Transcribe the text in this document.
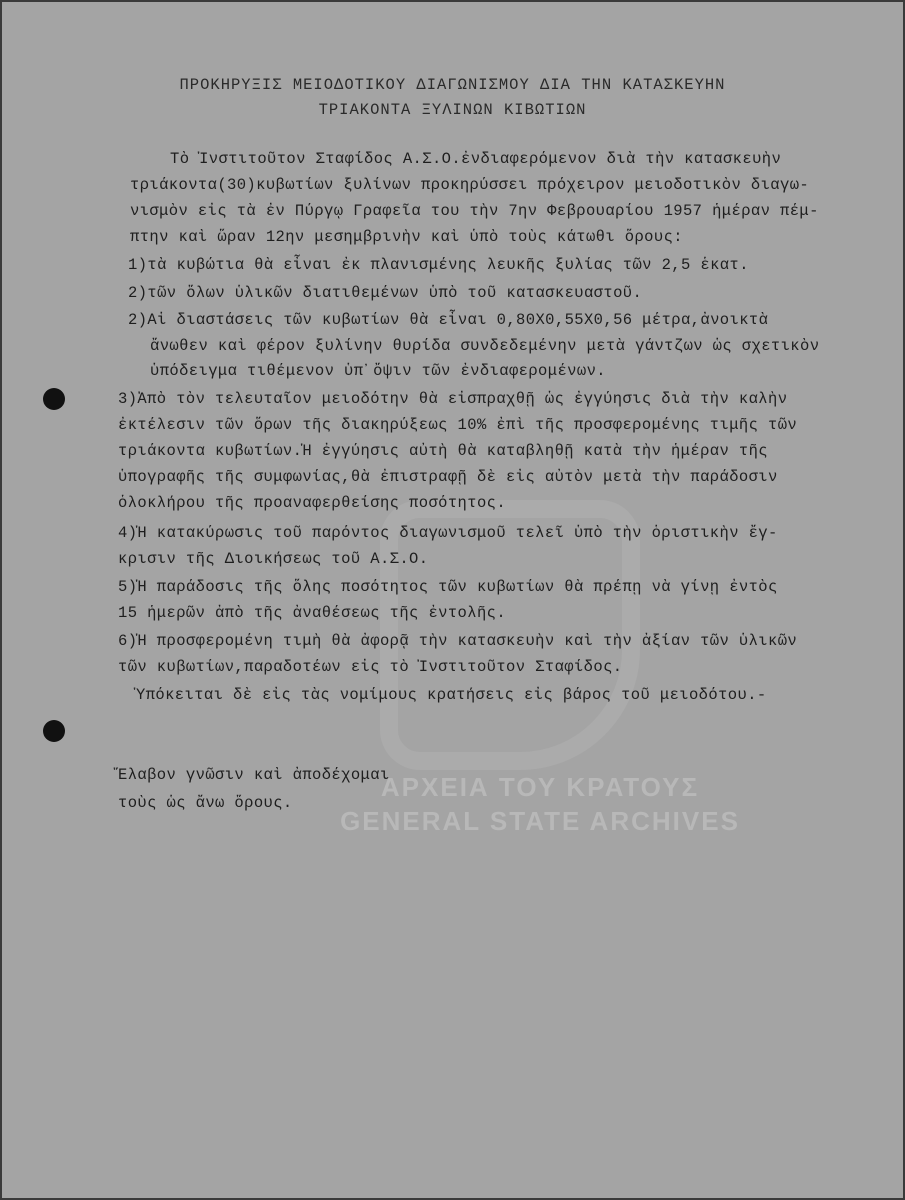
ΑΡΧΕΙΑ ΤΟΥ ΚΡΑΤΟΥΣ
GENERAL STATE ARCHIVES
ΠΡΟΚΗΡΥΞΙΣ ΜΕΙΟΔΟΤΙΚΟΥ ΔΙΑΓΩΝΙΣΜΟΥ ΔΙΑ ΤΗΝ ΚΑΤΑΣΚΕΥΗΝ
ΤΡΙΑΚΟΝΤΑ ΞΥΛΙΝΩΝ ΚΙΒΩΤΙΩΝ
Τὸ Ἰνστιτοῦτον Σταφίδος Α.Σ.Ο.ἐνδιαφερόμενον διὰ τὴν κατασκευὴν
τριάκοντα(30)κυβωτίων ξυλίνων προκηρύσσει πρόχειρον μειοδοτικὸν διαγω-
νισμὸν εἰς τὰ ἐν Πύργῳ Γραφεῖα του τὴν 7ην Φεβρουαρίου 1957 ἡμέραν πέμ-
πτην καὶ ὥραν 12ην μεσημβρινὴν καὶ ὑπὸ τοὺς κάτωθι ὅρους:
1)τὰ κυβώτια θὰ εἶναι ἐκ πλανισμένης λευκῆς ξυλίας τῶν 2,5 ἑκατ.
2)τῶν ὅλων ὑλικῶν διατιθεμένων ὑπὸ τοῦ κατασκευαστοῦ.
2)Αἱ διαστάσεις τῶν κυβωτίων θὰ εἶναι 0,80Χ0,55Χ0,56 μέτρα,ἀνοικτὰ
ἄνωθεν καὶ φέρον ξυλίνην θυρίδα συνδεδεμένην μετὰ γάντζων ὡς σχετικὸν
ὑπόδειγμα τιθέμενον ὑπ᾽ὄψιν τῶν ἐνδιαφερομένων.
3)Ἀπὸ τὸν τελευταῖον μειοδότην θὰ εἰσπραχθῇ ὡς ἐγγύησις διὰ τὴν καλὴν
ἐκτέλεσιν τῶν ὅρων τῆς διακηρύξεως 10% ἐπὶ τῆς προσφερομένης τιμῆς τῶν
τριάκοντα κυβωτίων.Ἡ ἐγγύησις αὐτὴ θὰ καταβληθῇ κατὰ τὴν ἡμέραν τῆς
ὑπογραφῆς τῆς συμφωνίας,θὰ ἐπιστραφῇ δὲ εἰς αὐτὸν μετὰ τὴν παράδοσιν
ὁλοκλήρου τῆς προαναφερθείσης ποσότητος.
4)Ἡ κατακύρωσις τοῦ παρόντος διαγωνισμοῦ τελεῖ ὑπὸ τὴν ὁριστικὴν ἔγ-
κρισιν τῆς Διοικήσεως τοῦ Α.Σ.Ο.
5)Ἡ παράδοσις τῆς ὅλης ποσότητος τῶν κυβωτίων θὰ πρέπῃ νὰ γίνῃ ἐντὸς
15 ἡμερῶν ἀπὸ τῆς ἀναθέσεως τῆς ἐντολῆς.
6)Ἡ προσφερομένη τιμὴ θὰ ἀφορᾷ τὴν κατασκευὴν καὶ τὴν ἀξίαν τῶν ὑλικῶν
τῶν κυβωτίων,παραδοτέων εἰς τὸ Ἰνστιτοῦτον Σταφίδος.
Ὑπόκειται δὲ εἰς τὰς νομίμους κρατήσεις εἰς βάρος τοῦ μειοδότου.-
Ἔλαβον γνῶσιν καὶ ἀποδέχομαι
τοὺς ὡς ἄνω ὅρους.
